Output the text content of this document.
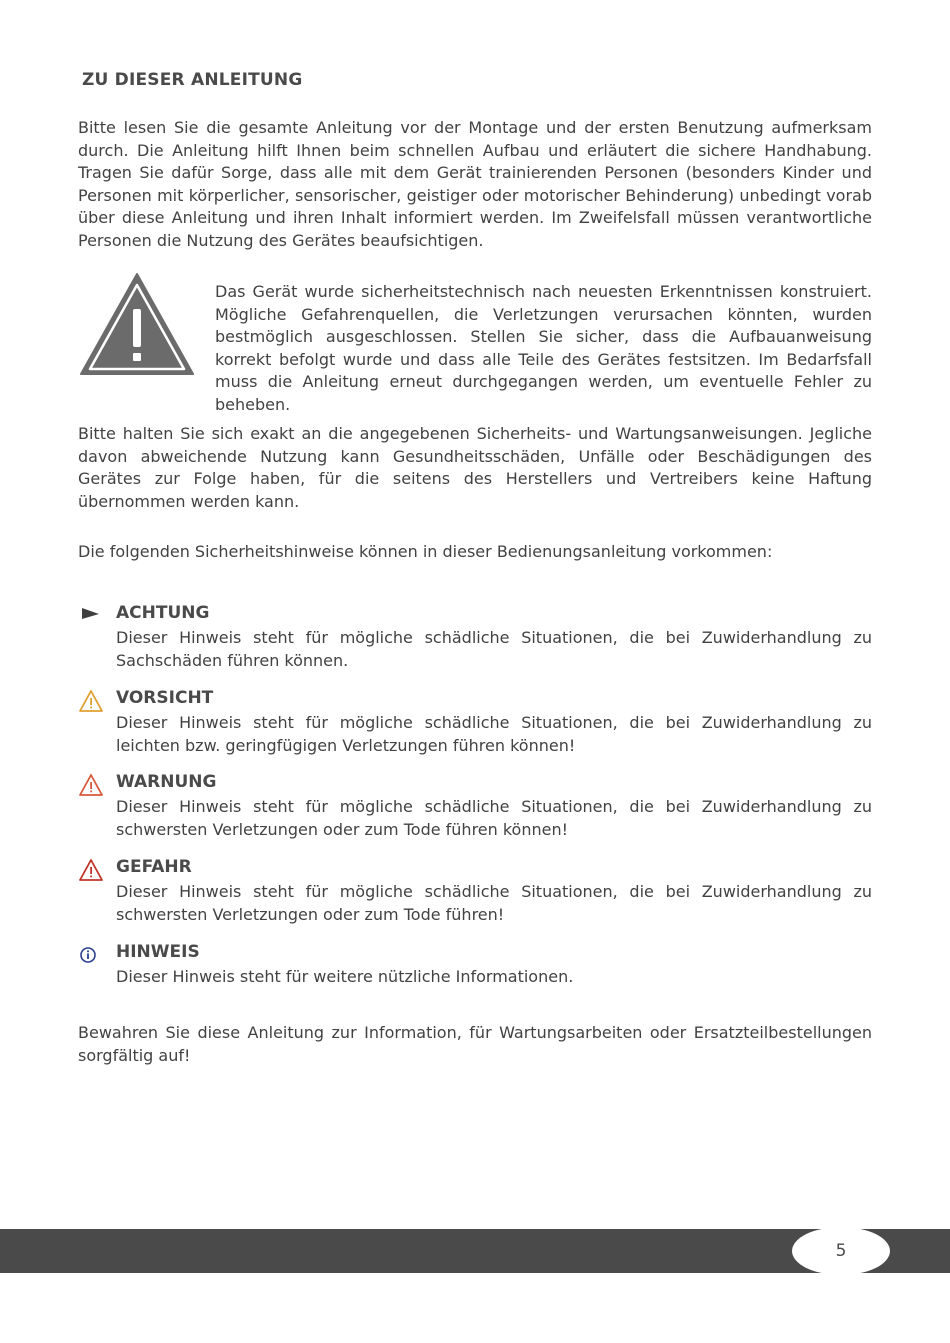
ZU DIESER ANLEITUNG

Bitte lesen Sie die gesamte Anleitung vor der Montage und der ersten Benutzung aufmerksam durch. Die Anleitung hilft Ihnen beim schnellen Aufbau und erläutert die sichere Handhabung. Tragen Sie dafür Sorge, dass alle mit dem Gerät trainierenden Personen (besonders Kinder und Personen mit körperlicher, sensorischer, geistiger oder motorischer Behinderung) unbedingt vorab über diese Anleitung und ihren Inhalt informiert werden. Im Zweifelsfall müssen verantwortliche Personen die Nutzung des Gerätes beaufsichtigen.

Das Gerät wurde sicherheitstechnisch nach neuesten Erkenntnissen konstruiert. Mögliche Gefahrenquellen, die Verletzungen verursachen könnten, wurden bestmöglich ausgeschlossen. Stellen Sie sicher, dass die Aufbauanweisung korrekt befolgt wurde und dass alle Teile des Gerätes festsitzen. Im Bedarfsfall muss die Anleitung erneut durchgegangen werden, um eventuelle Fehler zu beheben.

Bitte halten Sie sich exakt an die angegebenen Sicherheits- und Wartungsanweisungen. Jegliche davon abweichende Nutzung kann Gesundheitsschäden, Unfälle oder Beschädigungen des Gerätes zur Folge haben, für die seitens des Herstellers und Vertreibers keine Haftung übernommen werden kann.

Die folgenden Sicherheitshinweise können in dieser Bedienungsanleitung vorkommen:

ACHTUNG

Dieser Hinweis steht für mögliche schädliche Situationen, die bei Zuwiderhandlung zu Sachschäden führen können.

VORSICHT

Dieser Hinweis steht für mögliche schädliche Situationen, die bei Zuwiderhandlung zu leichten bzw. geringfügigen Verletzungen führen können!

WARNUNG

Dieser Hinweis steht für mögliche schädliche Situationen, die bei Zuwiderhandlung zu schwersten Verletzungen oder zum Tode führen können!

GEFAHR

Dieser Hinweis steht für mögliche schädliche Situationen, die bei Zuwiderhandlung zu schwersten Verletzungen oder zum Tode führen!

HINWEIS

Dieser Hinweis steht für weitere nützliche Informationen.

Bewahren Sie diese Anleitung zur Information, für Wartungsarbeiten oder Ersatzteilbestellungen sorgfältig auf!

5
